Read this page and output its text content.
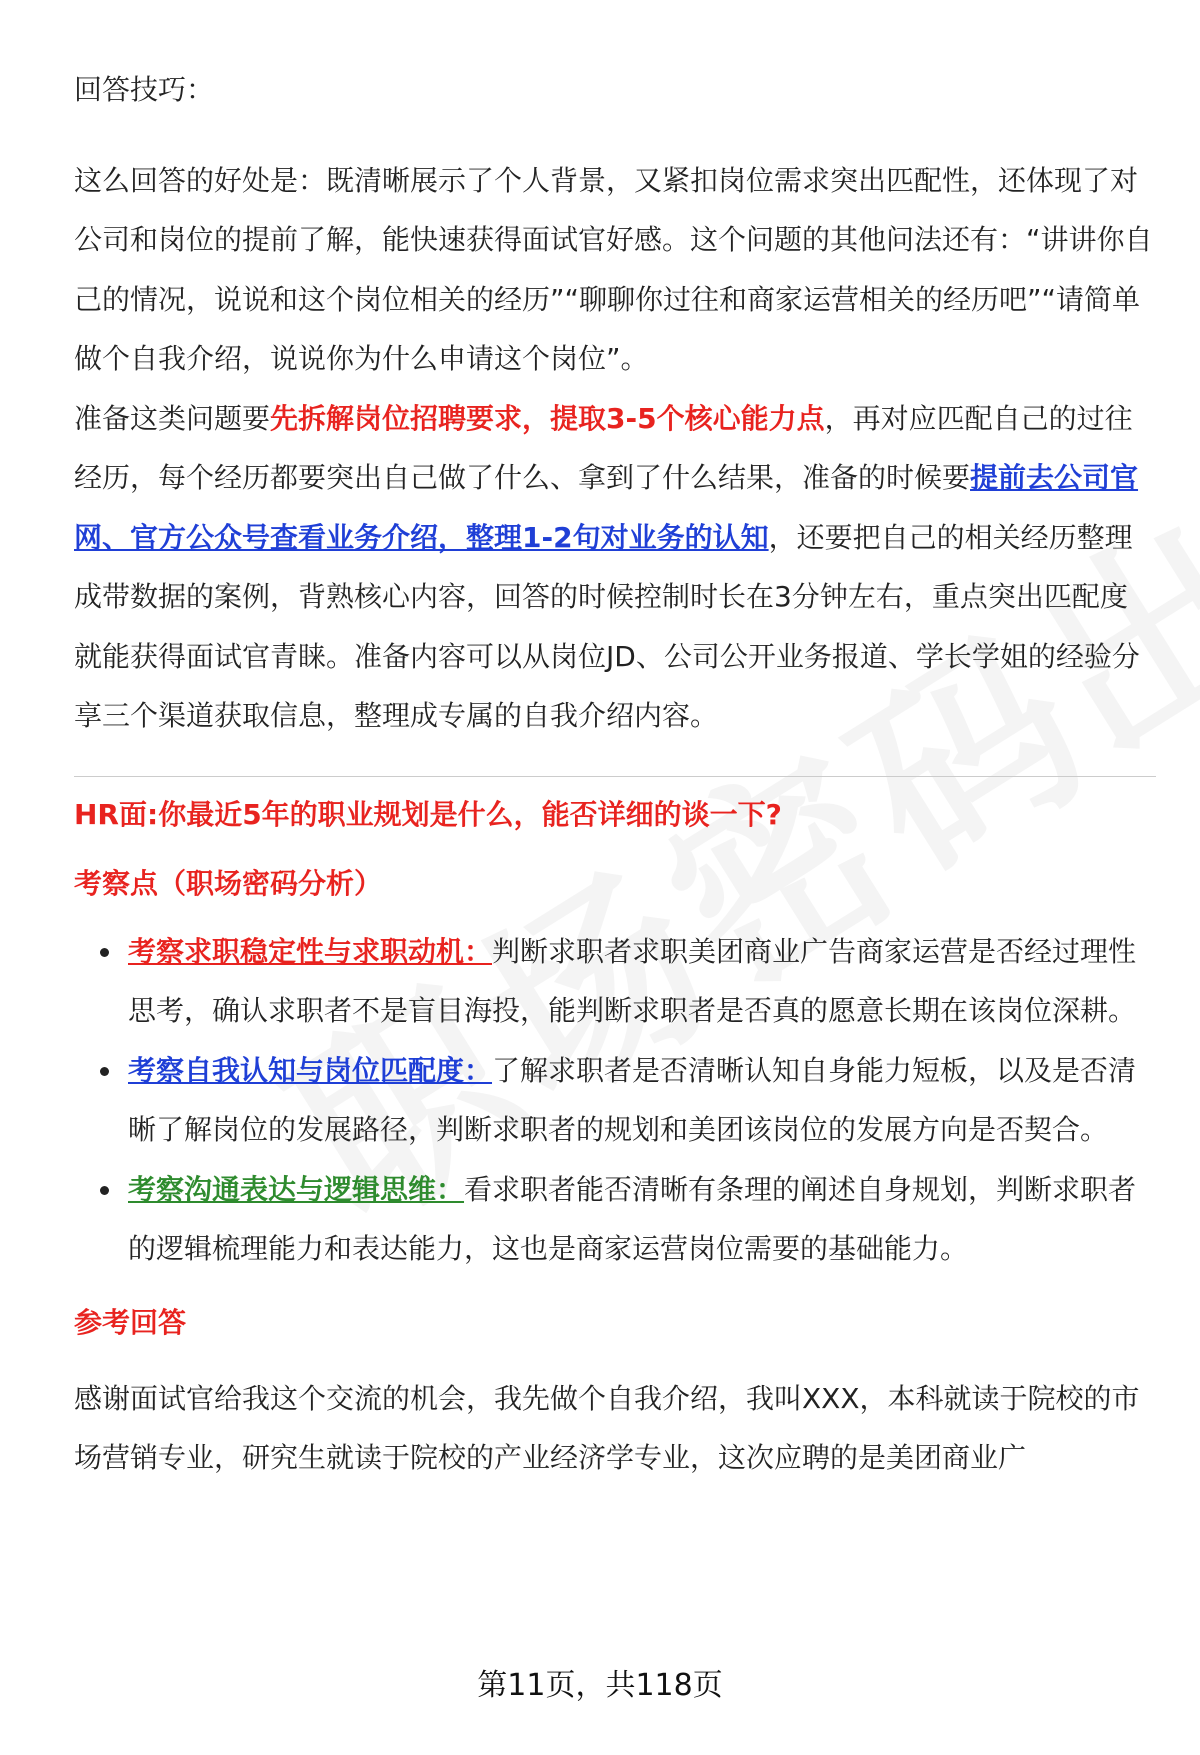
回答技巧：

这么回答的好处是：既清晰展示了个人背景，又紧扣岗位需求突出匹配性，还体现了对公司和岗位的提前了解，能快速获得面试官好感。这个问题的其他问法还有：“讲讲你自己的情况，说说和这个岗位相关的经历”“聊聊你过往和商家运营相关的经历吧”“请简单做个自我介绍，说说你为什么申请这个岗位”。

准备这类问题要先拆解岗位招聘要求，提取3-5个核心能力点，再对应匹配自己的过往经历，每个经历都要突出自己做了什么、拿到了什么结果，准备的时候要提前去公司官网、官方公众号查看业务介绍，整理1-2句对业务的认知，还要把自己的相关经历整理成带数据的案例，背熟核心内容，回答的时候控制时长在3分钟左右，重点突出匹配度就能获得面试官青睐。准备内容可以从岗位JD、公司公开业务报道、学长学姐的经验分享三个渠道获取信息，整理成专属的自我介绍内容。

HR面:你最近5年的职业规划是什么，能否详细的谈一下?

考察点（职场密码分析）

考察求职稳定性与求职动机：判断求职者求职美团商业广告商家运营是否经过理性思考，确认求职者不是盲目海投，能判断求职者是否真的愿意长期在该岗位深耕。
考察自我认知与岗位匹配度：了解求职者是否清晰认知自身能力短板，以及是否清晰了解岗位的发展路径，判断求职者的规划和美团该岗位的发展方向是否契合。
考察沟通表达与逻辑思维：看求职者能否清晰有条理的阐述自身规划，判断求职者的逻辑梳理能力和表达能力，这也是商家运营岗位需要的基础能力。

参考回答

感谢面试官给我这个交流的机会，我先做个自我介绍，我叫XXX，本科就读于院校的市场营销专业，研究生就读于院校的产业经济学专业，这次应聘的是美团商业广

第11页，共118页
